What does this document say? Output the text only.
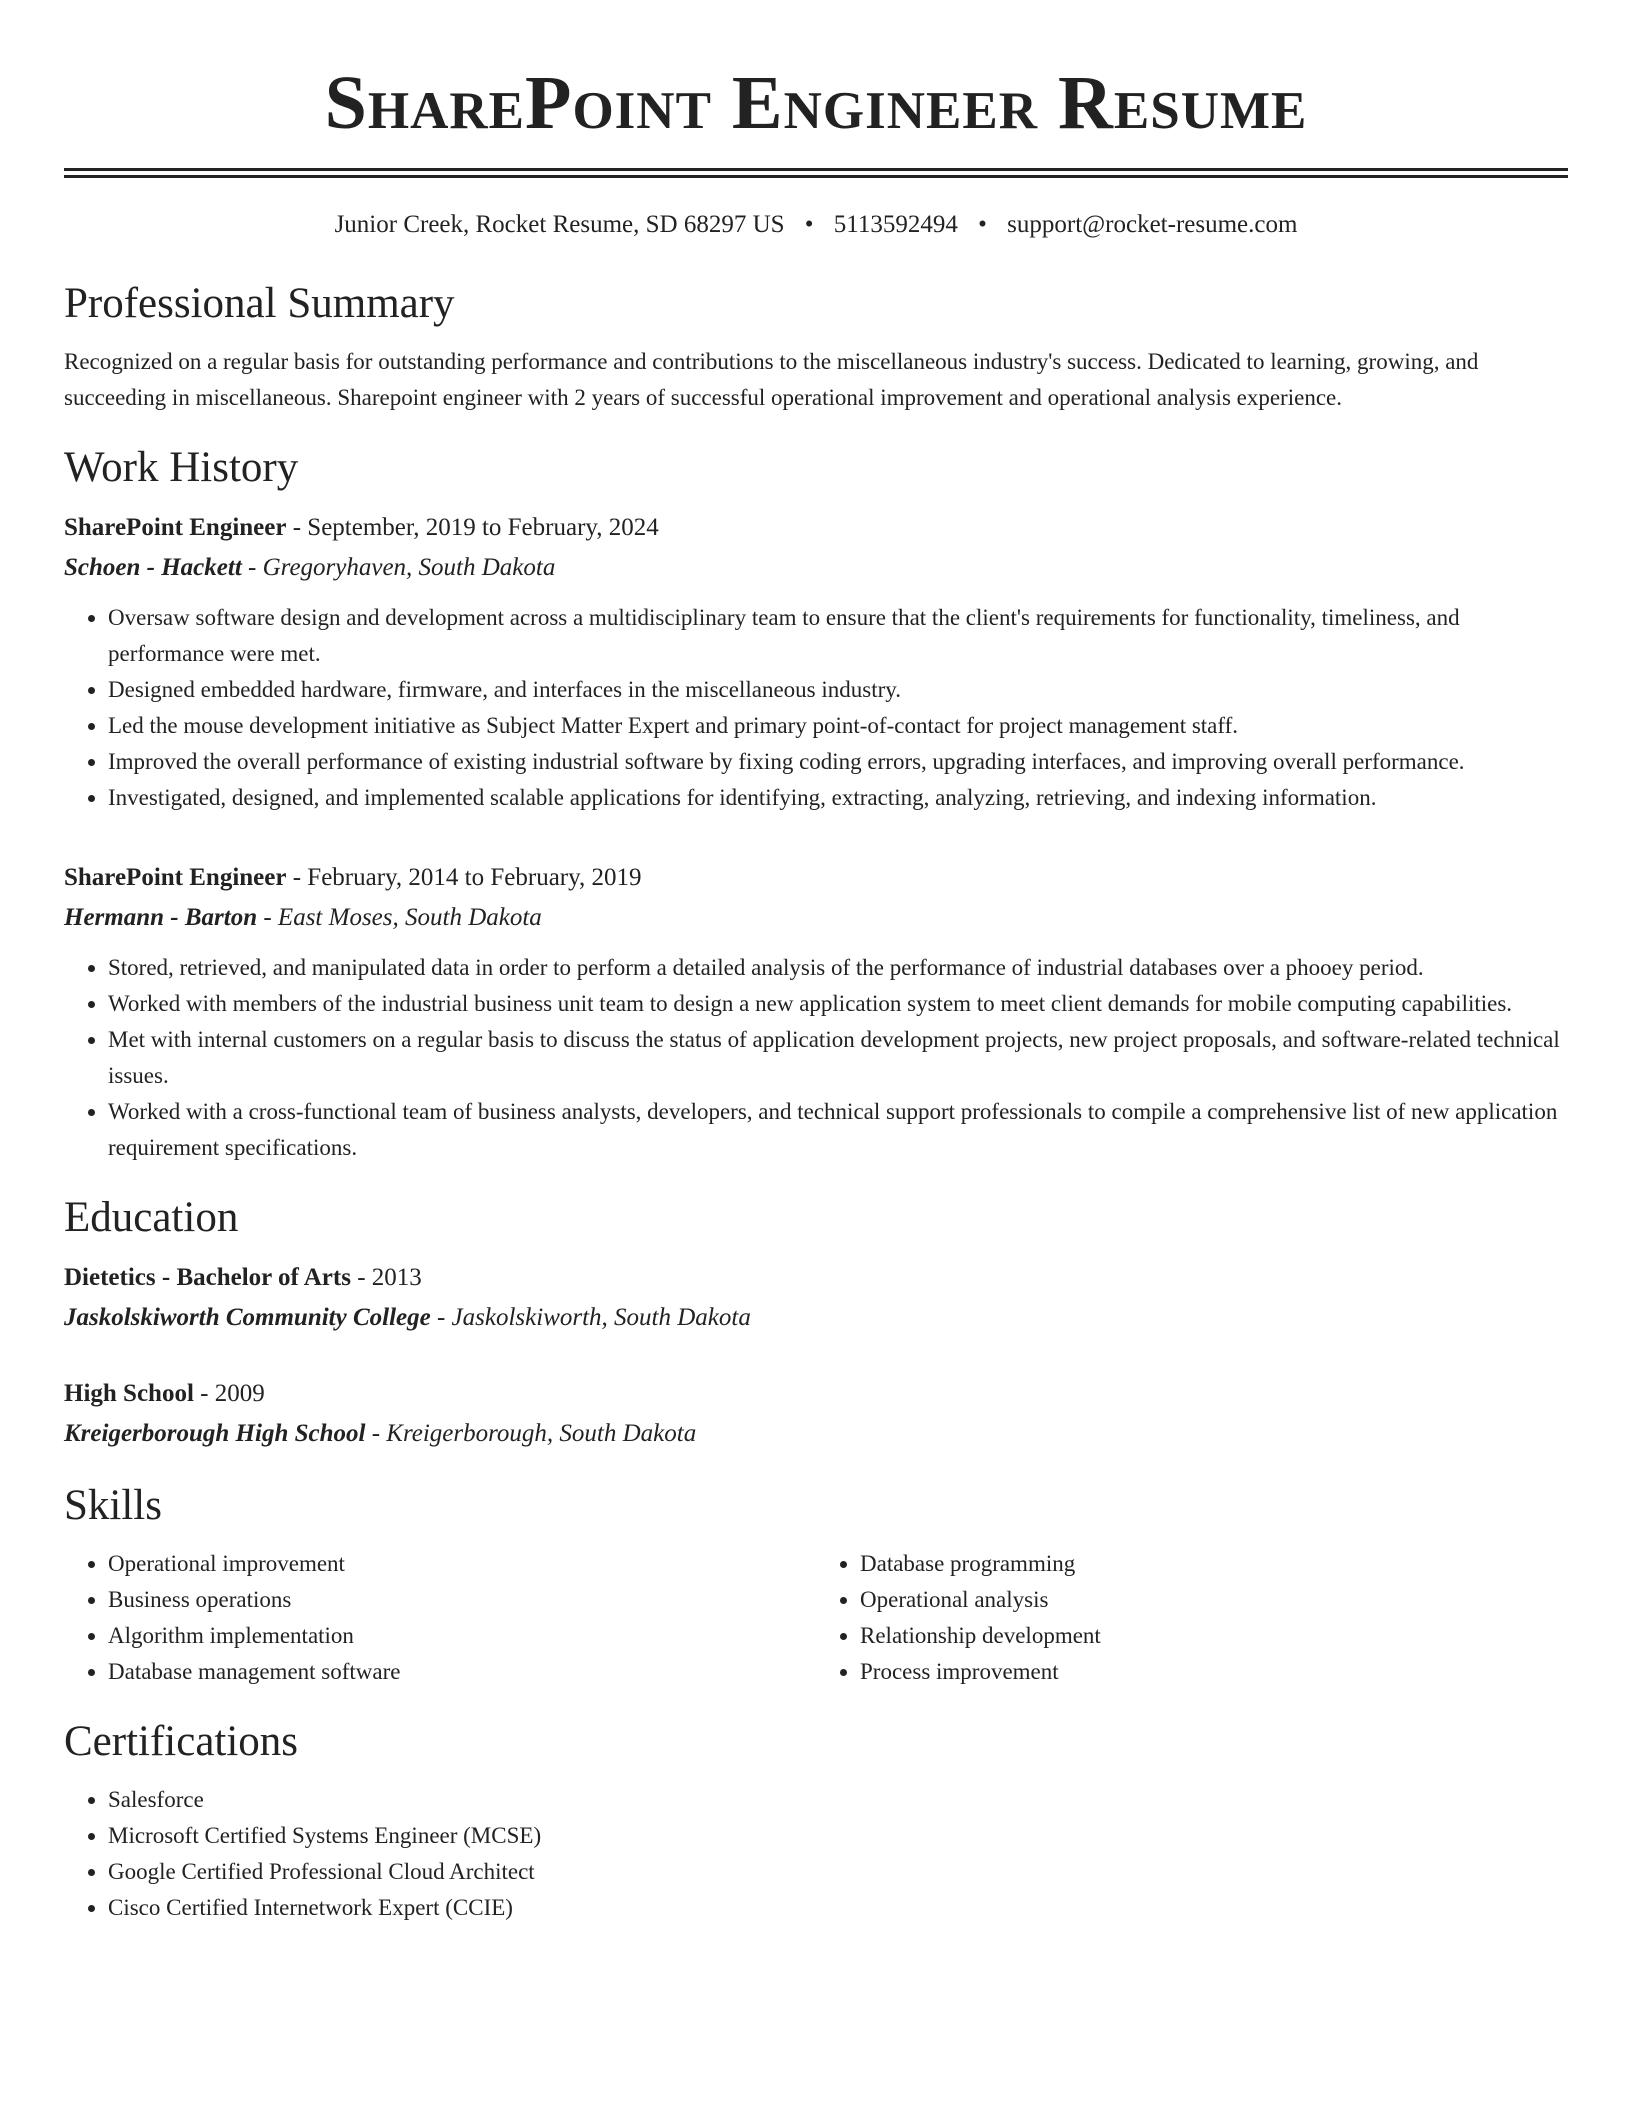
SharePoint Engineer Resume
Junior Creek, Rocket Resume, SD 68297 US • 5113592494 • support@rocket-resume.com
Professional Summary

Recognized on a regular basis for outstanding performance and contributions to the miscellaneous industry's success. Dedicated to learning, growing, and succeeding in miscellaneous. Sharepoint engineer with 2 years of successful operational improvement and operational analysis experience.

Work History
SharePoint Engineer - September, 2019 to February, 2024
Schoen - Hackett - Gregoryhaven, South Dakota
• Oversaw software design and development across a multidisciplinary team to ensure that the client's requirements for functionality, timeliness, and performance were met.
• Designed embedded hardware, firmware, and interfaces in the miscellaneous industry.
• Led the mouse development initiative as Subject Matter Expert and primary point-of-contact for project management staff.
• Improved the overall performance of existing industrial software by fixing coding errors, upgrading interfaces, and improving overall performance.
• Investigated, designed, and implemented scalable applications for identifying, extracting, analyzing, retrieving, and indexing information.
SharePoint Engineer - February, 2014 to February, 2019
Hermann - Barton - East Moses, South Dakota
• Stored, retrieved, and manipulated data in order to perform a detailed analysis of the performance of industrial databases over a phooey period.
• Worked with members of the industrial business unit team to design a new application system to meet client demands for mobile computing capabilities.
• Met with internal customers on a regular basis to discuss the status of application development projects, new project proposals, and software-related technical issues.
• Worked with a cross-functional team of business analysts, developers, and technical support professionals to compile a comprehensive list of new application requirement specifications.
Education
Dietetics - Bachelor of Arts - 2013
Jaskolskiworth Community College - Jaskolskiworth, South Dakota
High School - 2009
Kreigerborough High School - Kreigerborough, South Dakota
Skills
• Operational improvement
• Business operations
• Algorithm implementation
• Database management software
• Database programming
• Operational analysis
• Relationship development
• Process improvement
Certifications
• Salesforce
• Microsoft Certified Systems Engineer (MCSE)
• Google Certified Professional Cloud Architect
• Cisco Certified Internetwork Expert (CCIE)
